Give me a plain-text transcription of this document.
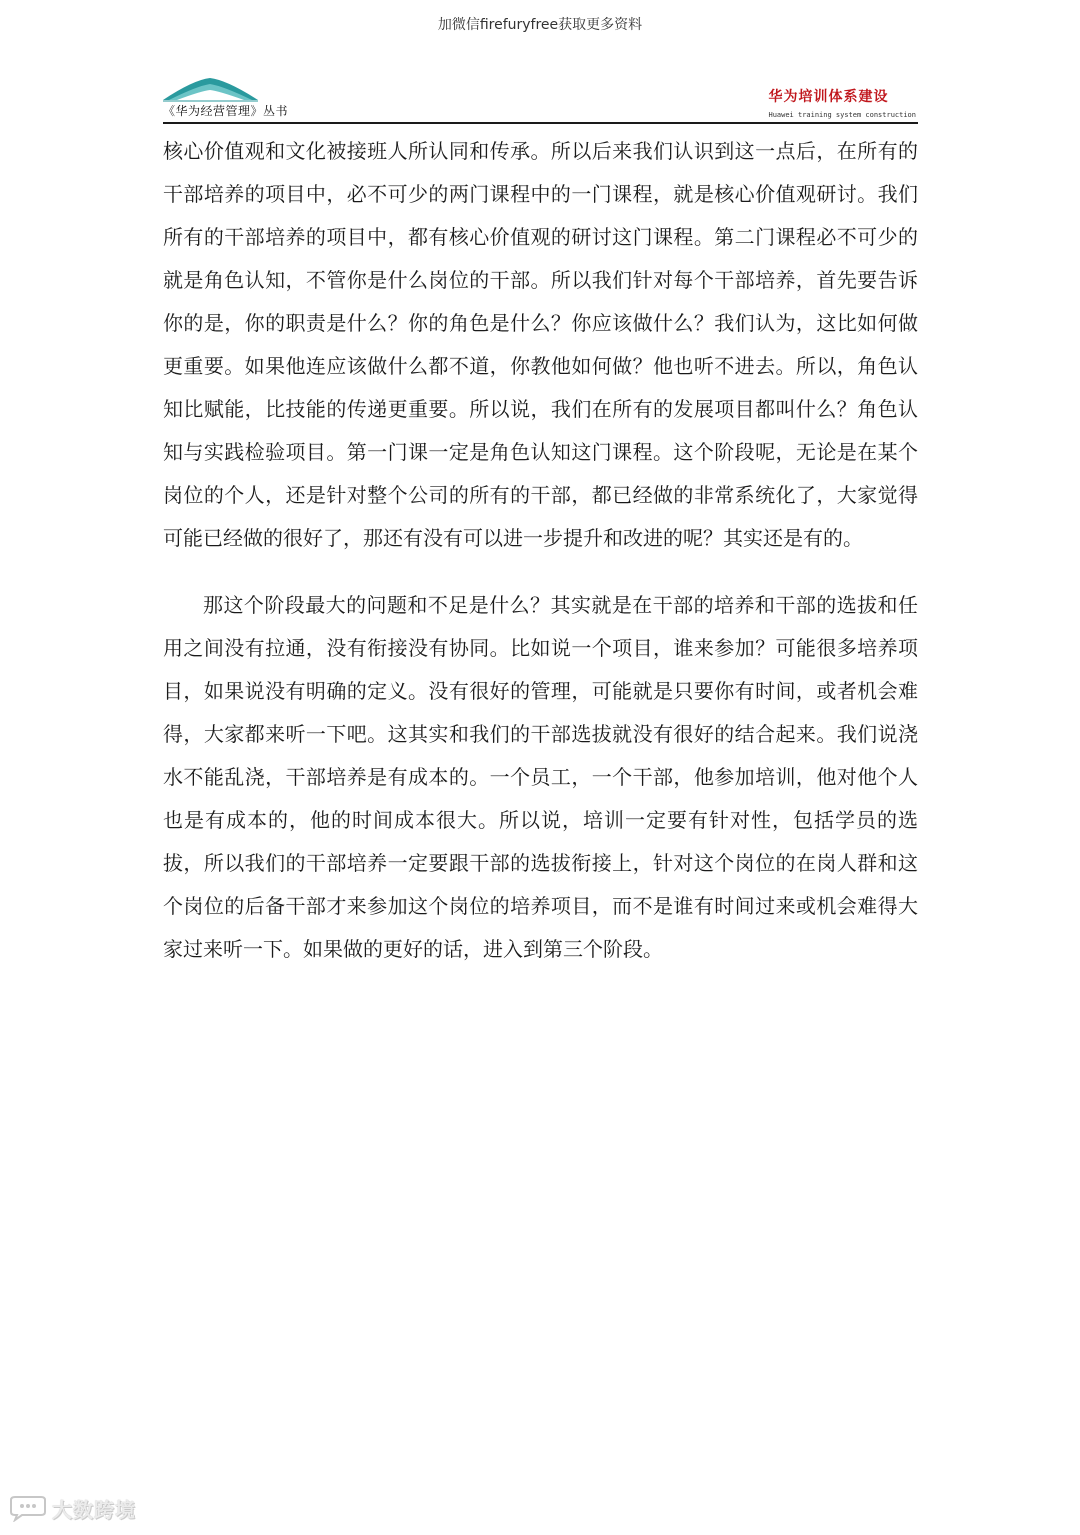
加微信firefuryfree获取更多资料
《华为经营管理》丛书
华为培训体系建设
Huawei training system construction

核心价值观和文化被接班人所认同和传承。所以后来我们认识到这一点后，在所有的干部培养的项目中，必不可少的两门课程中的一门课程，就是核心价值观研讨。我们所有的干部培养的项目中，都有核心价值观的研讨这门课程。第二门课程必不可少的就是角色认知，不管你是什么岗位的干部。所以我们针对每个干部培养，首先要告诉你的是，你的职责是什么？你的角色是什么？你应该做什么？我们认为，这比如何做更重要。如果他连应该做什么都不道，你教他如何做？他也听不进去。所以，角色认知比赋能，比技能的传递更重要。所以说，我们在所有的发展项目都叫什么？角色认知与实践检验项目。第一门课一定是角色认知这门课程。这个阶段呢，无论是在某个岗位的个人，还是针对整个公司的所有的干部，都已经做的非常系统化了，大家觉得可能已经做的很好了，那还有没有可以进一步提升和改进的呢？其实还是有的。

那这个阶段最大的问题和不足是什么？其实就是在干部的培养和干部的选拔和任用之间没有拉通，没有衔接没有协同。比如说一个项目，谁来参加？可能很多培养项目，如果说没有明确的定义。没有很好的管理，可能就是只要你有时间，或者机会难得，大家都来听一下吧。这其实和我们的干部选拔就没有很好的结合起来。我们说浇水不能乱浇，干部培养是有成本的。一个员工，一个干部，他参加培训，他对他个人也是有成本的，他的时间成本很大。所以说，培训一定要有针对性，包括学员的选拔，所以我们的干部培养一定要跟干部的选拔衔接上，针对这个岗位的在岗人群和这个岗位的后备干部才来参加这个岗位的培养项目，而不是谁有时间过来或机会难得大家过来听一下。如果做的更好的话，进入到第三个阶段。

大数跨境
